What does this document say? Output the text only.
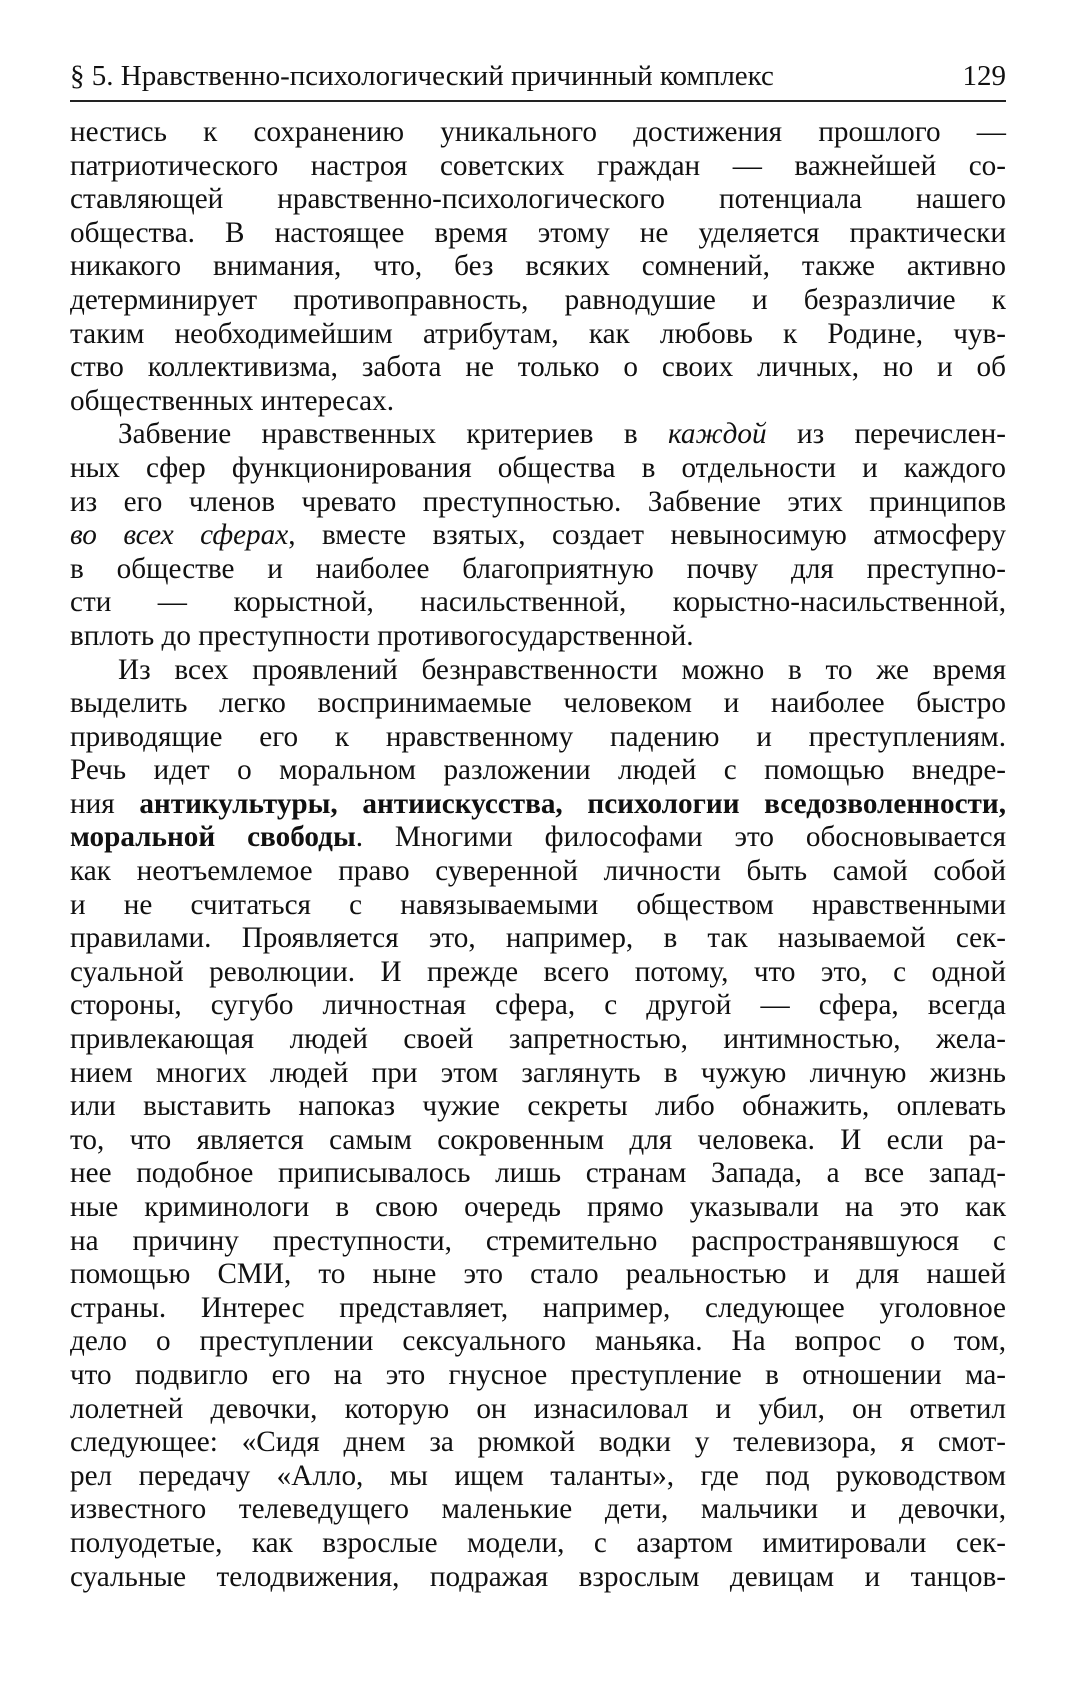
§ 5. Нравственно-психологический причинный комплекс	129
нестись к сохранению уникального достижения прошлого —
патриотического настроя советских граждан — важнейшей со-
ставляющей нравственно-психологического потенциала нашего
общества. В настоящее время этому не уделяется практически
никакого внимания, что, без всяких сомнений, также активно
детерминирует противоправность, равнодушие и безразличие к
таким необходимейшим атрибутам, как любовь к Родине, чув-
ство коллективизма, забота не только о своих личных, но и об
общественных интересах.
Забвение нравственных критериев в каждой из перечислен-
ных сфер функционирования общества в отдельности и каждого
из его членов чревато преступностью. Забвение этих принципов
во всех сферах, вместе взятых, создает невыносимую атмосферу
в обществе и наиболее благоприятную почву для преступно-
сти — корыстной, насильственной, корыстно-насильственной,
вплоть до преступности противогосударственной.
Из всех проявлений безнравственности можно в то же время
выделить легко воспринимаемые человеком и наиболее быстро
приводящие его к нравственному падению и преступлениям.
Речь идет о моральном разложении людей с помощью внедре-
ния антикультуры, антиискусства, психологии вседозволенности,
моральной свободы. Многими философами это обосновывается
как неотъемлемое право суверенной личности быть самой собой
и не считаться с навязываемыми обществом нравственными
правилами. Проявляется это, например, в так называемой сек-
суальной революции. И прежде всего потому, что это, с одной
стороны, сугубо личностная сфера, с другой — сфера, всегда
привлекающая людей своей запретностью, интимностью, жела-
нием многих людей при этом заглянуть в чужую личную жизнь
или выставить напоказ чужие секреты либо обнажить, оплевать
то, что является самым сокровенным для человека. И если ра-
нее подобное приписывалось лишь странам Запада, а все запад-
ные криминологи в свою очередь прямо указывали на это как
на причину преступности, стремительно распространявшуюся с
помощью СМИ, то ныне это стало реальностью и для нашей
страны. Интерес представляет, например, следующее уголовное
дело о преступлении сексуального маньяка. На вопрос о том,
что подвигло его на это гнусное преступление в отношении ма-
лолетней девочки, которую он изнасиловал и убил, он ответил
следующее: «Сидя днем за рюмкой водки у телевизора, я смот-
рел передачу «Алло, мы ищем таланты», где под руководством
известного телеведущего маленькие дети, мальчики и девочки,
полуодетые, как взрослые модели, с азартом имитировали сек-
суальные телодвижения, подражая взрослым девицам и танцов-
